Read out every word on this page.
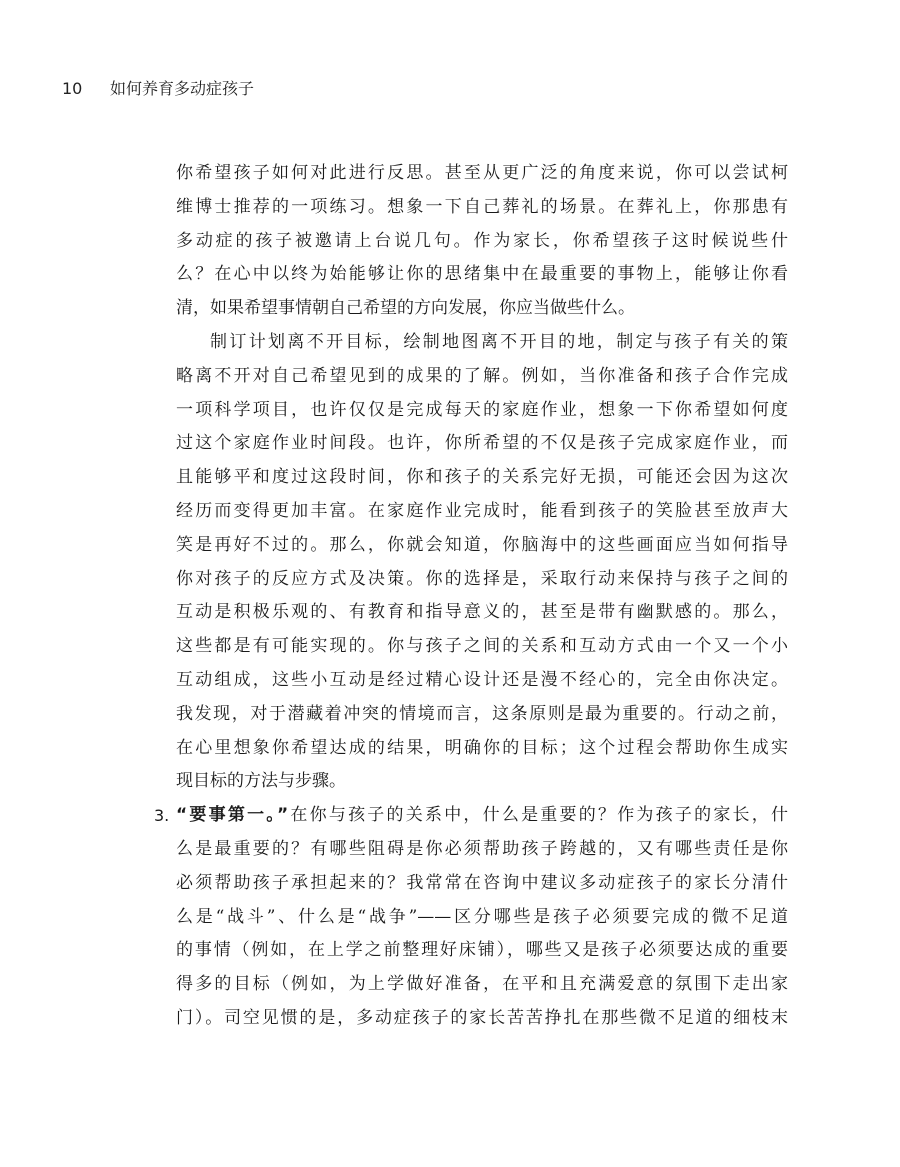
10 如何养育多动症孩子
你希望孩子如何对此进行反思。甚至从更广泛的角度来说，你可以尝试柯
维博士推荐的一项练习。想象一下自己葬礼的场景。在葬礼上，你那患有
多动症的孩子被邀请上台说几句。作为家长，你希望孩子这时候说些什
么？在心中以终为始能够让你的思绪集中在最重要的事物上，能够让你看
清，如果希望事情朝自己希望的方向发展，你应当做些什么。
制订计划离不开目标，绘制地图离不开目的地，制定与孩子有关的策
略离不开对自己希望见到的成果的了解。例如，当你准备和孩子合作完成
一项科学项目，也许仅仅是完成每天的家庭作业，想象一下你希望如何度
过这个家庭作业时间段。也许，你所希望的不仅是孩子完成家庭作业，而
且能够平和度过这段时间，你和孩子的关系完好无损，可能还会因为这次
经历而变得更加丰富。在家庭作业完成时，能看到孩子的笑脸甚至放声大
笑是再好不过的。那么，你就会知道，你脑海中的这些画面应当如何指导
你对孩子的反应方式及决策。你的选择是，采取行动来保持与孩子之间的
互动是积极乐观的、有教育和指导意义的，甚至是带有幽默感的。那么，
这些都是有可能实现的。你与孩子之间的关系和互动方式由一个又一个小
互动组成，这些小互动是经过精心设计还是漫不经心的，完全由你决定。
我发现，对于潜藏着冲突的情境而言，这条原则是最为重要的。行动之前，
在心里想象你希望达成的结果，明确你的目标；这个过程会帮助你生成实
现目标的方法与步骤。
3. “要事第一。”在你与孩子的关系中，什么是重要的？作为孩子的家长，什
么是最重要的？有哪些阻碍是你必须帮助孩子跨越的，又有哪些责任是你
必须帮助孩子承担起来的？我常常在咨询中建议多动症孩子的家长分清什
么是“战斗”、什么是“战争”——区分哪些是孩子必须要完成的微不足道
的事情（例如，在上学之前整理好床铺），哪些又是孩子必须要达成的重要
得多的目标（例如，为上学做好准备，在平和且充满爱意的氛围下走出家
门）。司空见惯的是，多动症孩子的家长苦苦挣扎在那些微不足道的细枝末
